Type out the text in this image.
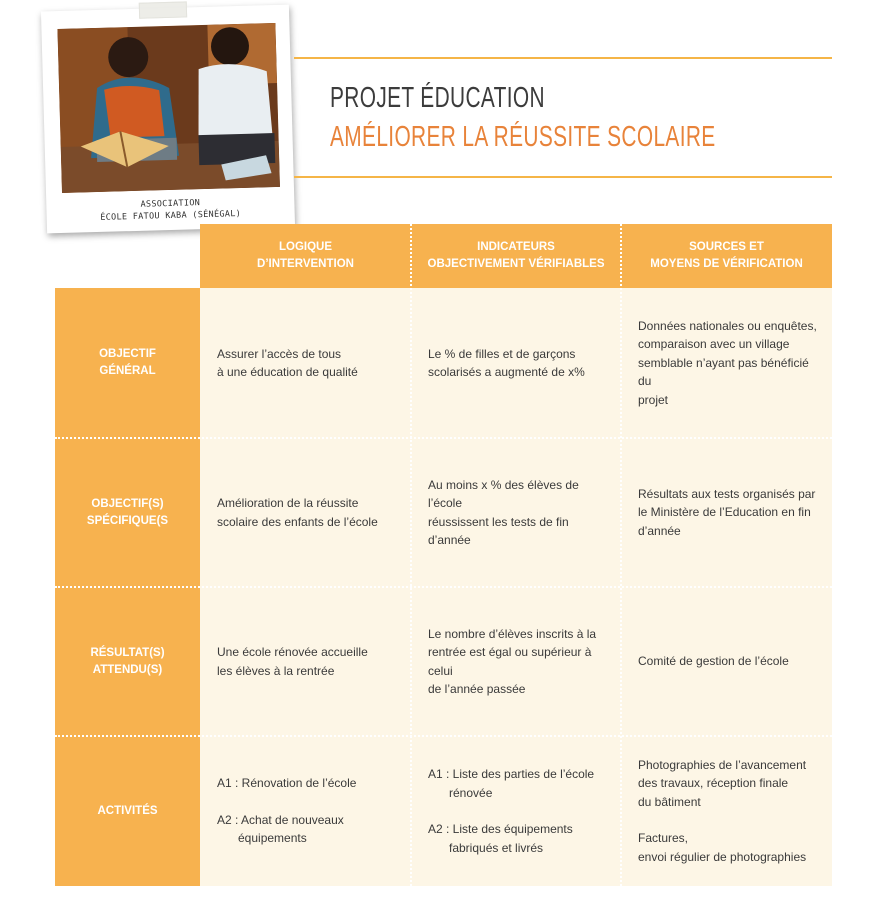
ASSOCIATION
ÉCOLE FATOU KABA (SÉNÉGAL)
PROJET ÉDUCATION
AMÉLIORER LA RÉUSSITE SCOLAIRE
LOGIQUE
D’INTERVENTION
INDICATEURS
OBJECTIVEMENT VÉRIFIABLES
SOURCES ET
MOYENS DE VÉRIFICATION
OBJECTIF
GÉNÉRAL
OBJECTIF(S)
SPÉCIFIQUE(S
RÉSULTAT(S)
ATTENDU(S)
ACTIVITÉS
Assurer l’accès de tous
à une éducation de qualité
Le % de filles et de garçons
scolarisés a augmenté de x%
Données nationales ou enquêtes,
comparaison avec un village
semblable n’ayant pas bénéficié du
projet
Amélioration de la réussite
scolaire des enfants de l’école
Au moins x % des élèves de l’école
réussissent les tests de fin d’année
Résultats aux tests organisés par
le Ministère de l’Education en fin
d’année
Une école rénovée accueille
les élèves à la rentrée
Le nombre d’élèves inscrits à la
rentrée est égal ou supérieur à celui
de l’année passée
Comité de gestion de l’école
A1 : Rénovation de l’école
A2 : Achat de nouveaux
équipements
A1 : Liste des parties de l’école
rénovée
A2 : Liste des équipements
fabriqués et livrés
Photographies de l’avancement
des travaux, réception finale
du bâtiment
Factures,
envoi régulier de photographies
